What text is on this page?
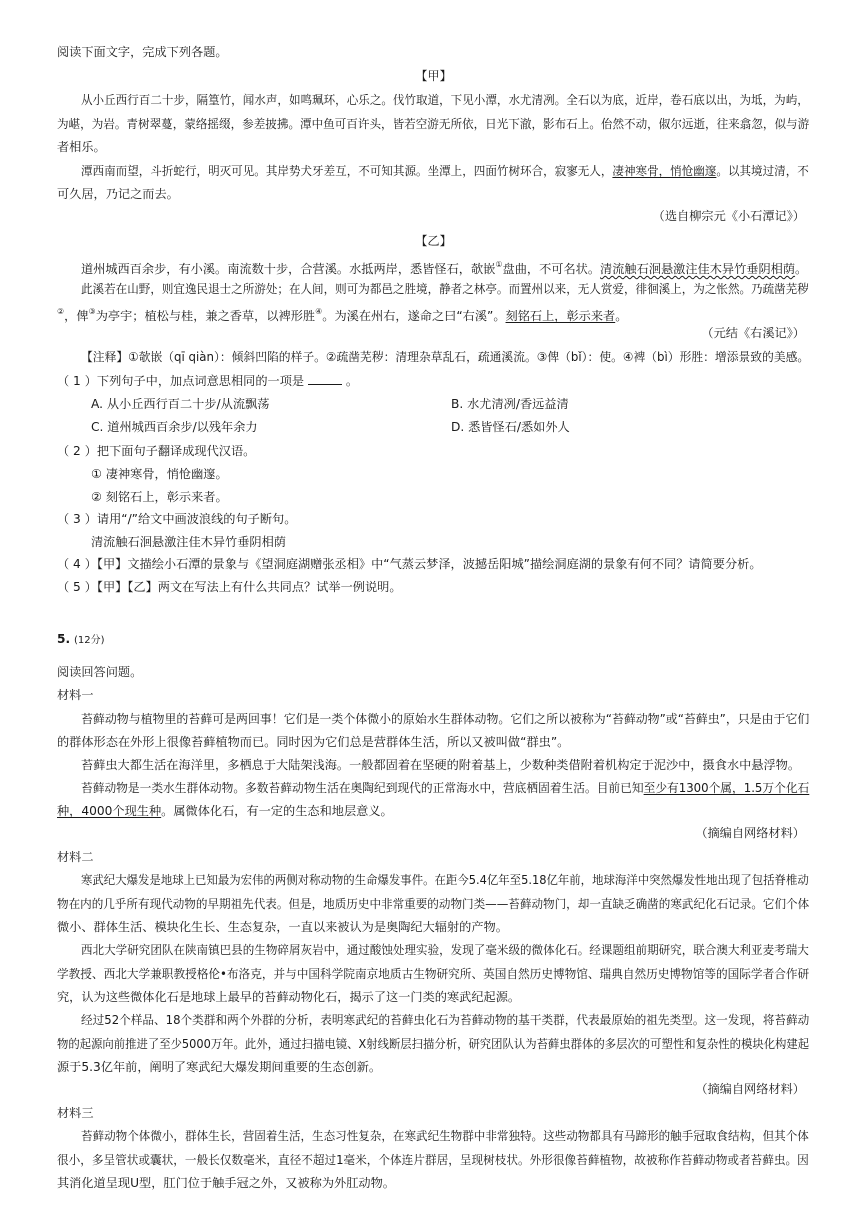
阅读下面文字，完成下列各题。
【甲】
从小丘西行百二十步，隔篁竹，闻水声，如鸣珮环，心乐之。伐竹取道，下见小潭，水尤清冽。全石以为底，近岸，卷石底以出，为坻，为屿，
为嵁，为岩。青树翠蔓，蒙络摇缀，参差披拂。潭中鱼可百许头，皆若空游无所依，日光下澈，影布石上。佁然不动，俶尔远逝，往来翕忽，似与游
者相乐。
潭西南而望，斗折蛇行，明灭可见。其岸势犬牙差互，不可知其源。坐潭上，四面竹树环合，寂寥无人，凄神寒骨，悄怆幽邃。以其境过清，不
可久居，乃记之而去。
（选自柳宗元《小石潭记》）
【乙】
道州城西百余步，有小溪。南流数十步，合营溪。水抵两岸，悉皆怪石，欹嵌①盘曲，不可名状。清流触石洄悬激注佳木异竹垂阴相荫。
此溪若在山野，则宜逸民退士之所游处；在人间，则可为都邑之胜境，静者之林亭。而置州以来，无人赏爱，徘徊溪上，为之怅然。乃疏凿芜秽
②，俾③为亭宇；植松与桂，兼之香草，以裨形胜④。为溪在州右，遂命之曰“右溪”。刻铭石上，彰示来者。
（元结《右溪记》）
【注释】①欹嵌（qī qiàn）：倾斜凹陷的样子。②疏凿芜秽：清理杂草乱石，疏通溪流。③俾（bǐ）：使。④裨（bì）形胜：增添景致的美感。
（ 1 ）下列句子中，加点词意思相同的一项是	。
A. 从小丘西行百二十步/从流飘荡	B. 水尤清冽/香远益清
C. 道州城西百余步/以残年余力	D. 悉皆怪石/悉如外人
（ 2 ）把下面句子翻译成现代汉语。
① 凄神寒骨，悄怆幽邃。
② 刻铭石上，彰示来者。
（ 3 ）请用“/”给文中画波浪线的句子断句。
清流触石洄悬激注佳木异竹垂阴相荫
（ 4 ）【甲】文描绘小石潭的景象与《望洞庭湖赠张丞相》中“气蒸云梦泽，波撼岳阳城”描绘洞庭湖的景象有何不同？请简要分析。
（ 5 ）【甲】【乙】两文在写法上有什么共同点？试举一例说明。
5. (12分)
阅读回答问题。
材料一
苔藓动物与植物里的苔藓可是两回事！它们是一类个体微小的原始水生群体动物。它们之所以被称为“苔藓动物”或“苔藓虫”，只是由于它们
的群体形态在外形上很像苔藓植物而已。同时因为它们总是营群体生活，所以又被叫做“群虫”。
苔藓虫大都生活在海洋里，多栖息于大陆架浅海。一般都固着在坚硬的附着基上，少数种类借附着机构定于泥沙中，摄食水中悬浮物。
苔藓动物是一类水生群体动物。多数苔藓动物生活在奥陶纪到现代的正常海水中，营底栖固着生活。目前已知至少有1300个属，1.5万个化石
种，4000个现生种。属微体化石，有一定的生态和地层意义。
（摘编自网络材料）
材料二
寒武纪大爆发是地球上已知最为宏伟的两侧对称动物的生命爆发事件。在距今5.4亿年至5.18亿年前，地球海洋中突然爆发性地出现了包括脊椎动
物在内的几乎所有现代动物的早期祖先代表。但是，地质历史中非常重要的动物门类——苔藓动物门，却一直缺乏确凿的寒武纪化石记录。它们个体
微小、群体生活、模块化生长、生态复杂，一直以来被认为是奥陶纪大辐射的产物。
西北大学研究团队在陕南镇巴县的生物碎屑灰岩中，通过酸蚀处理实验，发现了毫米级的微体化石。经课题组前期研究，联合澳大利亚麦考瑞大
学教授、西北大学兼职教授格伦•布洛克，并与中国科学院南京地质古生物研究所、英国自然历史博物馆、瑞典自然历史博物馆等的国际学者合作研
究，认为这些微体化石是地球上最早的苔藓动物化石，揭示了这一门类的寒武纪起源。
经过52个样品、18个类群和两个外群的分析，表明寒武纪的苔藓虫化石为苔藓动物的基干类群，代表最原始的祖先类型。这一发现，将苔藓动
物的起源向前推进了至少5000万年。此外，通过扫描电镜、X射线断层扫描分析，研究团队认为苔藓虫群体的多层次的可塑性和复杂性的模块化构建起
源于5.3亿年前，阐明了寒武纪大爆发期间重要的生态创新。
（摘编自网络材料）
材料三
苔藓动物个体微小，群体生长，营固着生活，生态习性复杂，在寒武纪生物群中非常独特。这些动物都具有马蹄形的触手冠取食结构，但其个体
很小，多呈管状或囊状，一般长仅数毫米，直径不超过1毫米，个体连片群居，呈现树枝状。外形很像苔藓植物，故被称作苔藓动物或者苔藓虫。因
其消化道呈现U型，肛门位于触手冠之外，又被称为外肛动物。
